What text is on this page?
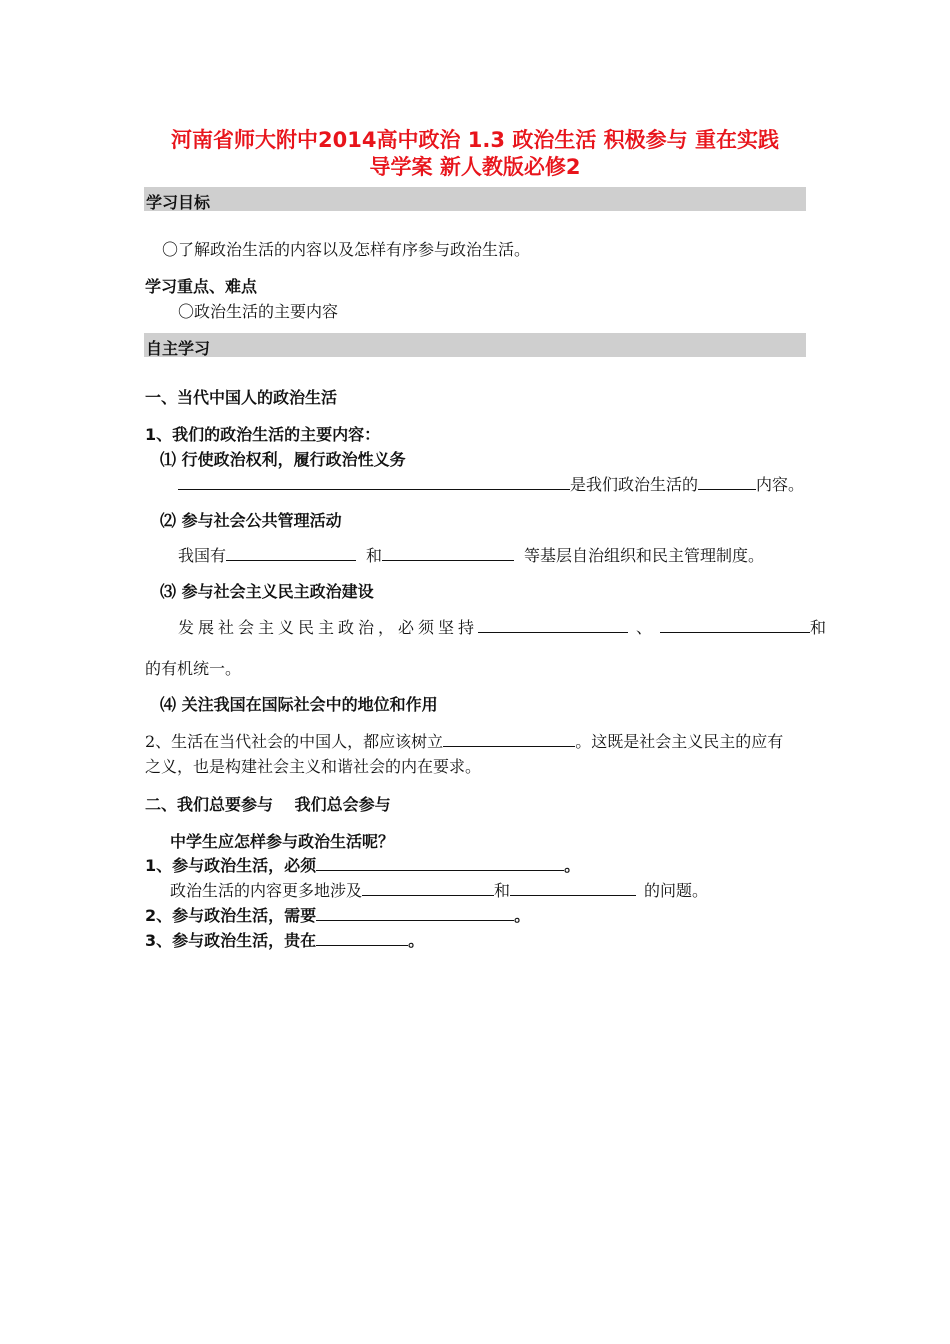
河南省师大附中2014高中政治 1.3 政治生活 积极参与 重在实践
导学案 新人教版必修2
学习目标
〇了解政治生活的内容以及怎样有序参与政治生活。
学习重点、难点
〇政治生活的主要内容
自主学习
一、当代中国人的政治生活
1、我们的政治生活的主要内容：
⑴ 行使政治权利，履行政治性义务
是我们政治生活的	内容。
⑵ 参与社会公共管理活动
我国有	和	等基层自治组织和民主管理制度。
⑶ 参与社会主义民主政治建设
发展社会主义民主政治，必须坚持	、	和
的有机统一。
⑷ 关注我国在国际社会中的地位和作用
2、生活在当代社会的中国人，都应该树立	。这既是社会主义民主的应有
之义，也是构建社会主义和谐社会的内在要求。
二、我们总要参与　 我们总会参与
中学生应怎样参与政治生活呢？
1、参与政治生活，必须	。
政治生活的内容更多地涉及	和	的问题。
2、参与政治生活，需要	。
3、参与政治生活，贵在	。
